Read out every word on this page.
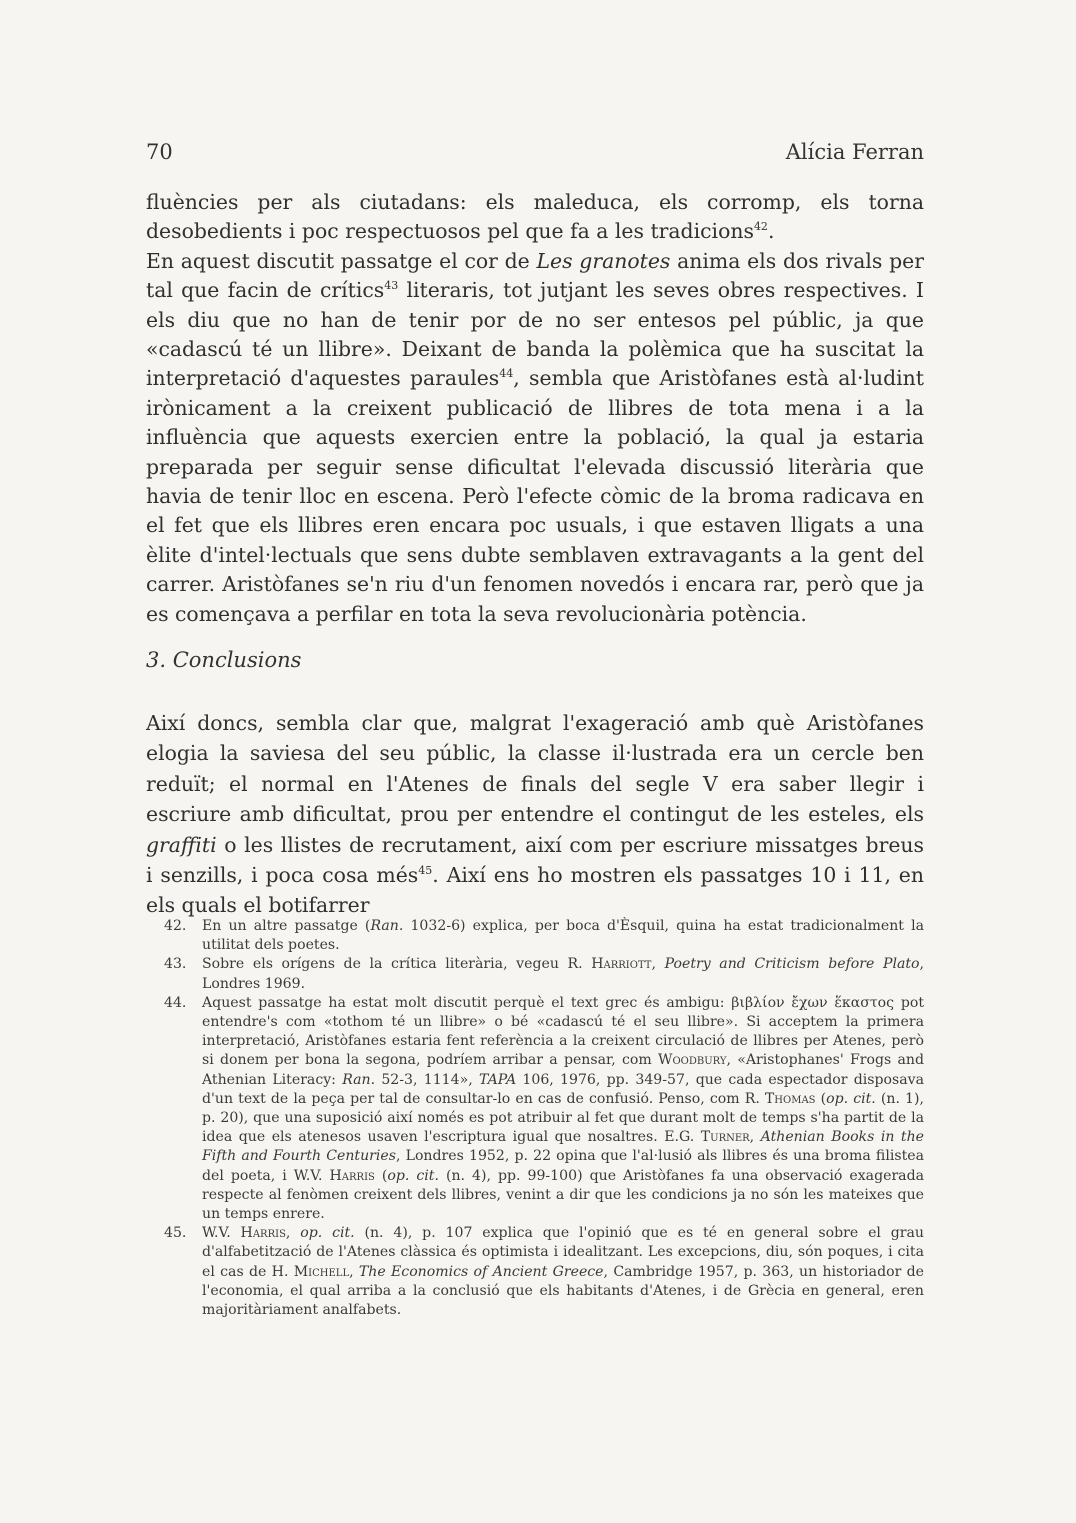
70	Alícia Ferran

fluències per als ciutadans: els maleduca, els corromp, els torna desobedients i poc respectuosos pel que fa a les tradicions$^{42}$.

En aquest discutit passatge el cor de Les granotes anima els dos rivals per tal que facin de crítics$^{43}$ literaris, tot jutjant les seves obres respectives. I els diu que no han de tenir por de no ser entesos pel públic, ja que «cadascú té un llibre». Deixant de banda la polèmica que ha suscitat la interpretació d'aquestes paraules$^{44}$, sembla que Aristòfanes està al·ludint irònicament a la creixent publicació de llibres de tota mena i a la influència que aquests exercien entre la població, la qual ja estaria preparada per seguir sense dificultat l'elevada discussió literària que havia de tenir lloc en escena. Però l'efecte còmic de la broma radicava en el fet que els llibres eren encara poc usuals, i que estaven lligats a una èlite d'intel·lectuals que sens dubte semblaven extravagants a la gent del carrer. Aristòfanes se'n riu d'un fenomen novedós i encara rar, però que ja es començava a perfilar en tota la seva revolucionària potència.

3. Conclusions

Així doncs, sembla clar que, malgrat l'exageració amb què Aristòfanes elogia la saviesa del seu públic, la classe il·lustrada era un cercle ben reduït; el normal en l'Atenes de finals del segle V era saber llegir i escriure amb dificultat, prou per entendre el contingut de les esteles, els graffiti o les llistes de recrutament, així com per escriure missatges breus i senzills, i poca cosa més$^{45}$. Així ens ho mostren els passatges 10 i 11, en els quals el botifarrer

42. En un altre passatge (Ran. 1032-6) explica, per boca d'Èsquil, quina ha estat tradicionalment la utilitat dels poetes.

43. Sobre els orígens de la crítica literària, vegeu R. Harriott, Poetry and Criticism before Plato, Londres 1969.

44. Aquest passatge ha estat molt discutit perquè el text grec és ambigu: βιβλίον ἔχων ἕκαστος pot entendre's com «tothom té un llibre» o bé «cadascú té el seu llibre». Si acceptem la primera interpretació, Aristòfanes estaria fent referència a la creixent circulació de llibres per Atenes, però si donem per bona la segona, podríem arribar a pensar, com Woodbury, «Aristophanes' Frogs and Athenian Literacy: Ran. 52-3, 1114», TAPA 106, 1976, pp. 349-57, que cada espectador disposava d'un text de la peça per tal de consultar-lo en cas de confusió. Penso, com R. Thomas (op. cit. (n. 1), p. 20), que una suposició així només es pot atribuir al fet que durant molt de temps s'ha partit de la idea que els atenesos usaven l'escriptura igual que nosaltres. E.G. Turner, Athenian Books in the Fifth and Fourth Centuries, Londres 1952, p. 22 opina que l'al·lusió als llibres és una broma filistea del poeta, i W.V. Harris (op. cit. (n. 4), pp. 99-100) que Aristòfanes fa una observació exagerada respecte al fenòmen creixent dels llibres, venint a dir que les condicions ja no són les mateixes que un temps enrere.

45. W.V. Harris, op. cit. (n. 4), p. 107 explica que l'opinió que es té en general sobre el grau d'alfabetització de l'Atenes clàssica és optimista i idealitzant. Les excepcions, diu, són poques, i cita el cas de H. Michell, The Economics of Ancient Greece, Cambridge 1957, p. 363, un historiador de l'economia, el qual arriba a la conclusió que els habitants d'Atenes, i de Grècia en general, eren majoritàriament analfabets.
